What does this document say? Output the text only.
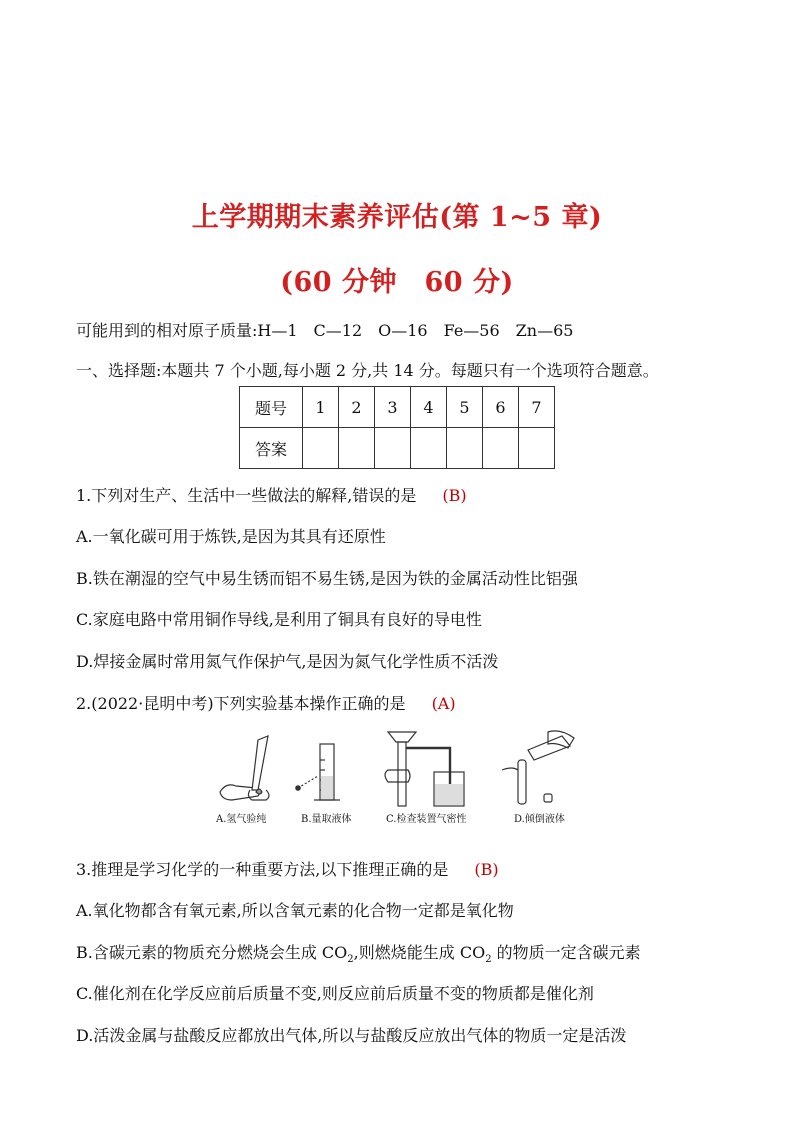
上学期期末素养评估(第 1~5 章)
(60 分钟　60 分)
可能用到的相对原子质量:H—1　C—12　O—16　Fe—56　Zn—65
一、选择题:本题共 7 个小题,每小题 2 分,共 14 分。每题只有一个选项符合题意。
题号	1	2	3	4	5	6	7
答案							
1.下列对生产、生活中一些做法的解释,错误的是 (B)
A.一氧化碳可用于炼铁,是因为其具有还原性
B.铁在潮湿的空气中易生锈而铝不易生锈,是因为铁的金属活动性比铝强
C.家庭电路中常用铜作导线,是利用了铜具有良好的导电性
D.焊接金属时常用氮气作保护气,是因为氮气化学性质不活泼
2.(2022·昆明中考)下列实验基本操作正确的是 (A)
A.氢气验纯	B.量取液体	C.检查装置气密性	D.倾倒液体
3.推理是学习化学的一种重要方法,以下推理正确的是 (B)
A.氧化物都含有氧元素,所以含氧元素的化合物一定都是氧化物
B.含碳元素的物质充分燃烧会生成 $CO_2$,则燃烧能生成 $CO_2$ 的物质一定含碳元素
C.催化剂在化学反应前后质量不变,则反应前后质量不变的物质都是催化剂
D.活泼金属与盐酸反应都放出气体,所以与盐酸反应放出气体的物质一定是活泼
